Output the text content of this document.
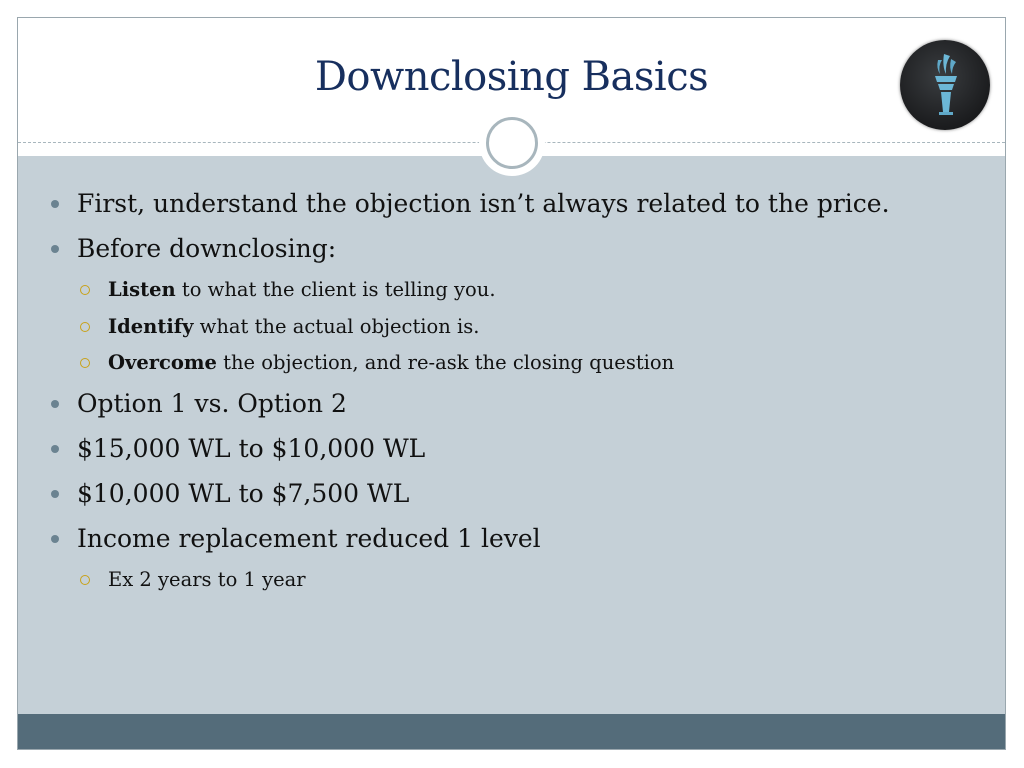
Downclosing Basics
First, understand the objection isn’t always related to the price.
Before downclosing:
Listen to what the client is telling you.
Identify what the actual objection is.
Overcome the objection, and re-ask the closing question
Option 1 vs. Option 2
$15,000 WL to $10,000 WL
$10,000 WL to $7,500 WL
Income replacement reduced 1 level
Ex 2 years to 1 year
